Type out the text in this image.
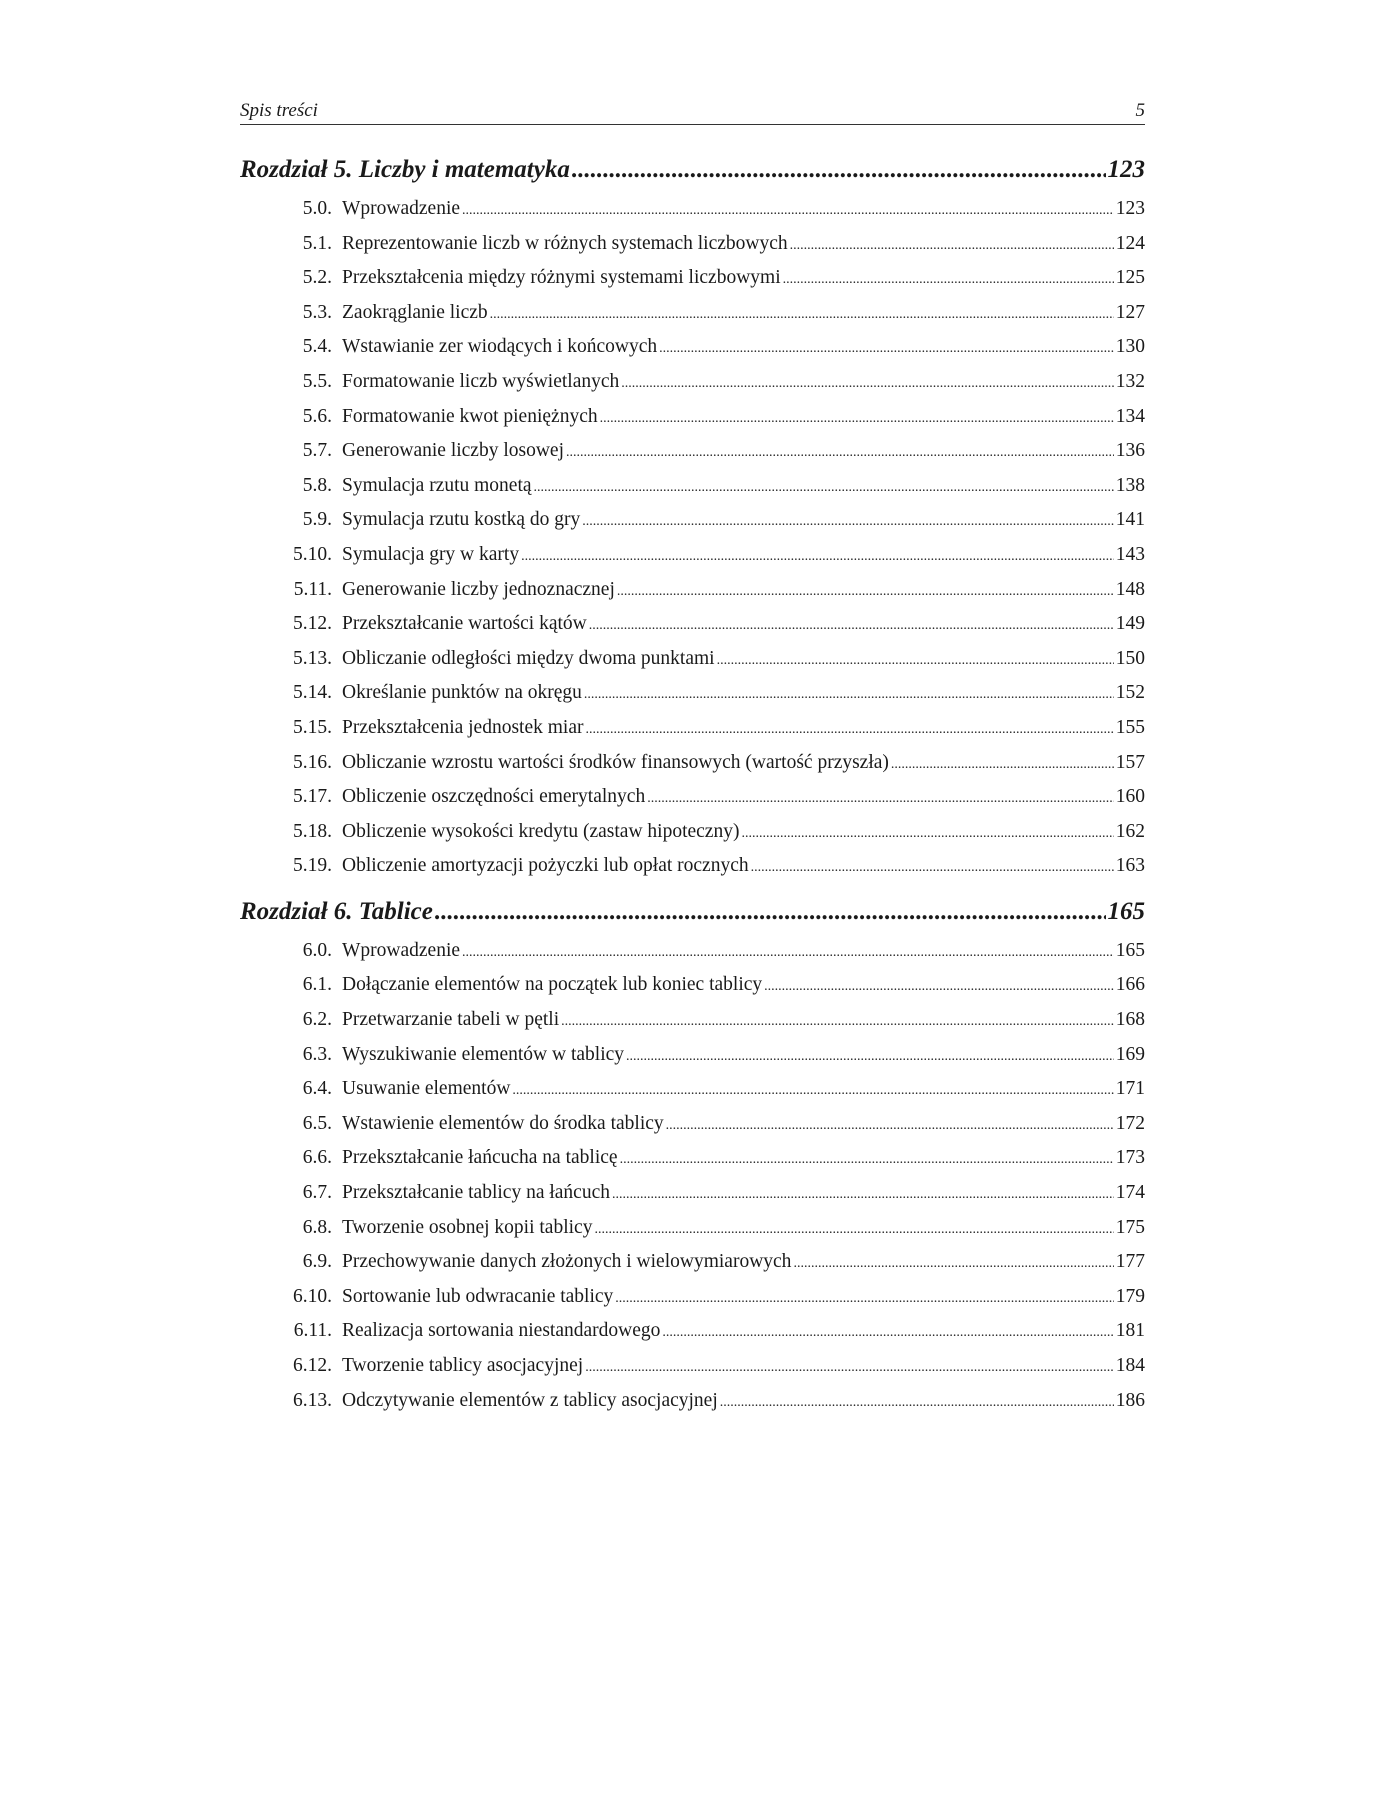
Spis treści	5
Rozdział 5. Liczby i matematyka .....	123
5.0. Wprowadzenie .....	123
5.1. Reprezentowanie liczb w różnych systemach liczbowych .....	124
5.2. Przekształcenia między różnymi systemami liczbowymi .....	125
5.3. Zaokrąglanie liczb .....	127
5.4. Wstawianie zer wiodących i końcowych .....	130
5.5. Formatowanie liczb wyświetlanych .....	132
5.6. Formatowanie kwot pieniężnych .....	134
5.7. Generowanie liczby losowej .....	136
5.8. Symulacja rzutu monetą .....	138
5.9. Symulacja rzutu kostką do gry .....	141
5.10. Symulacja gry w karty .....	143
5.11. Generowanie liczby jednoznacznej .....	148
5.12. Przekształcanie wartości kątów .....	149
5.13. Obliczanie odległości między dwoma punktami .....	150
5.14. Określanie punktów na okręgu .....	152
5.15. Przekształcenia jednostek miar .....	155
5.16. Obliczanie wzrostu wartości środków finansowych (wartość przyszła) .....	157
5.17. Obliczenie oszczędności emerytalnych .....	160
5.18. Obliczenie wysokości kredytu (zastaw hipoteczny) .....	162
5.19. Obliczenie amortyzacji pożyczki lub opłat rocznych .....	163
Rozdział 6. Tablice .....	165
6.0. Wprowadzenie .....	165
6.1. Dołączanie elementów na początek lub koniec tablicy .....	166
6.2. Przetwarzanie tabeli w pętli .....	168
6.3. Wyszukiwanie elementów w tablicy .....	169
6.4. Usuwanie elementów .....	171
6.5. Wstawienie elementów do środka tablicy .....	172
6.6. Przekształcanie łańcucha na tablicę .....	173
6.7. Przekształcanie tablicy na łańcuch .....	174
6.8. Tworzenie osobnej kopii tablicy .....	175
6.9. Przechowywanie danych złożonych i wielowymiarowych .....	177
6.10. Sortowanie lub odwracanie tablicy .....	179
6.11. Realizacja sortowania niestandardowego .....	181
6.12. Tworzenie tablicy asocjacyjnej .....	184
6.13. Odczytywanie elementów z tablicy asocjacyjnej .....	186
